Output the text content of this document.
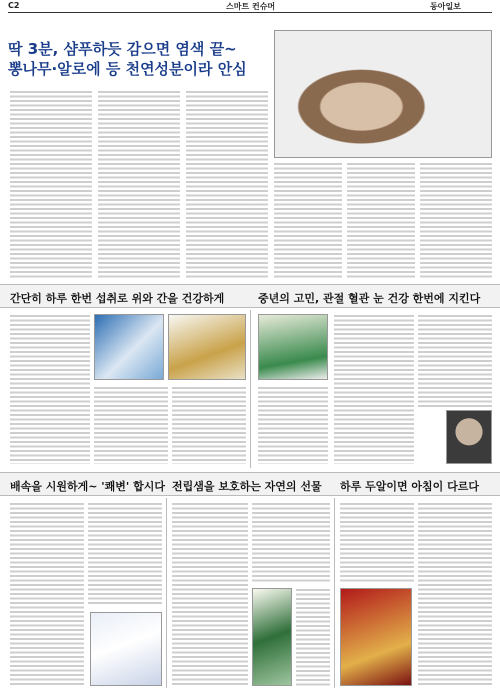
C2	스마트 컨슈머	동아일보
딱 3분, 샴푸하듯 감으면 염색 끝~
뽕나무·알로에 등 천연성분이라 안심
간단히 하루 한번 섭취로 위와 간을 건강하게	중년의 고민, 관절 혈관 눈 건강 한번에 지킨다
배속을 시원하게~ '쾌변' 합시다 전립샘을 보호하는 자연의 선물 하루 두알이면 아침이 다르다
